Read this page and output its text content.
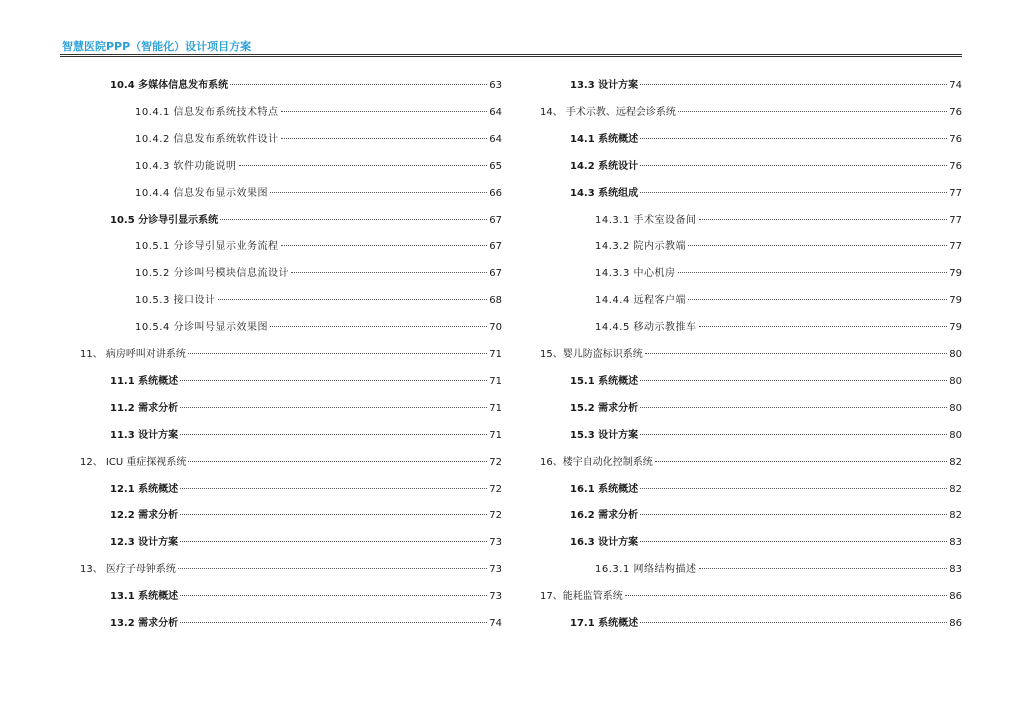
智慧医院PPP（智能化）设计项目方案
10.4 多媒体信息发布系统	63
10.4.1 信息发布系统技术特点	64
10.4.2 信息发布系统软件设计	64
10.4.3 软件功能说明	65
10.4.4 信息发布显示效果图	66
10.5 分诊导引显示系统	67
10.5.1 分诊导引显示业务流程	67
10.5.2 分诊叫号模块信息流设计	67
10.5.3 接口设计	68
10.5.4 分诊叫号显示效果图	70
11、 病房呼叫对讲系统	71
11.1 系统概述	71
11.2 需求分析	71
11.3 设计方案	71
12、 ICU 重症探视系统	72
12.1 系统概述	72
12.2 需求分析	72
12.3 设计方案	73
13、 医疗子母钟系统	73
13.1 系统概述	73
13.2 需求分析	74
13.3 设计方案	74
14、 手术示教、远程会诊系统	76
14.1 系统概述	76
14.2 系统设计	76
14.3 系统组成	77
14.3.1 手术室设备间	77
14.3.2 院内示教端	77
14.3.3 中心机房	79
14.4.4 远程客户端	79
14.4.5 移动示教推车	79
15、婴儿防盗标识系统	80
15.1 系统概述	80
15.2 需求分析	80
15.3 设计方案	80
16、楼宇自动化控制系统	82
16.1 系统概述	82
16.2 需求分析	82
16.3 设计方案	83
16.3.1 网络结构描述	83
17、能耗监管系统	86
17.1 系统概述	86
